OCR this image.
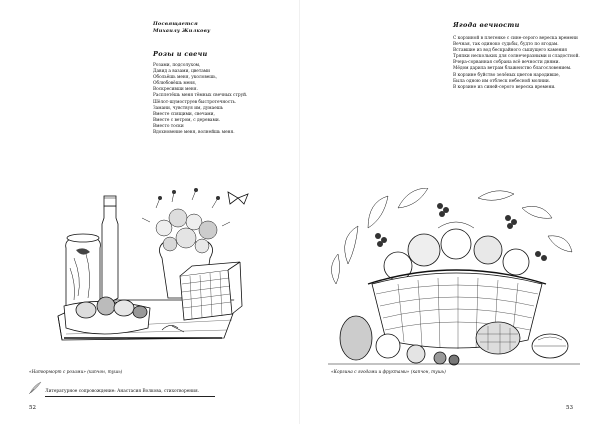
Посвящается
Михаилу Жилкову
Розы и свечи
Розами, подсолухом,
Давид а вазами, цветами
Обольёшь меня, уколовешь,
Облюбовёшь меня,
Воскресивши меня.
Расплетёшь меня тёмных свечных струй.
Шёлот-шумоструев быстротечность.
Замани, чувствуя им, думаешь
Вместе спящими, свечами,
Вместе с ветром, с деревами.
Вместо тоски
Вдохновение меня, волнейшь меня.
«Натюрморт с розами» (капчон, тушь)
Литературное сопровождение: Анастасия Волкова, стихотворения.
52
Ягода вечности
С корзиной в плетенке с сине-серого вереска времени
Вечная, так одиноко судьбы, будто по ягодам.
Вставшие из вод бескрайного сышущего камения
Тряпки нескольких для солнечеразными и сладостной.
Вчера-сорванная собрана всё вечности днями.
Мёдом дарила ветрам блаженство благословением.
В корзине буйство зелёных цветов народивше,
Была одною им отблеск небесной молнии.
В корзине из синей-серого вереска времени.
«Корзина с ягодами и фруктами» (капчон, тушь)
53
